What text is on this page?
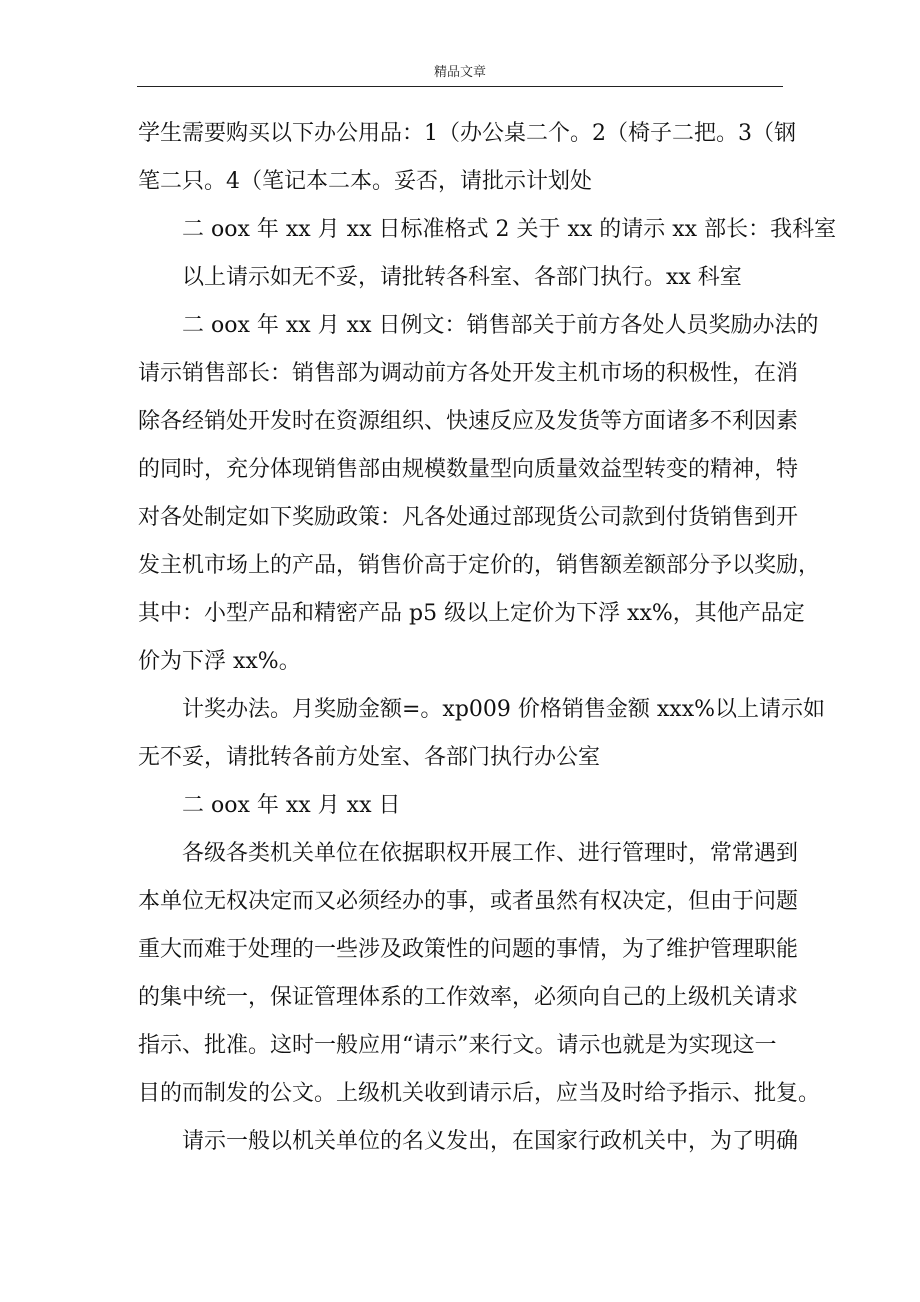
精品文章
学生需要购买以下办公用品：1（办公桌二个。2（椅子二把。3（钢
笔二只。4（笔记本二本。妥否，请批示计划处
二 oox 年 xx 月 xx 日标准格式 2 关于 xx 的请示 xx 部长：我科室
以上请示如无不妥，请批转各科室、各部门执行。xx 科室
二 oox 年 xx 月 xx 日例文：销售部关于前方各处人员奖励办法的
请示销售部长：销售部为调动前方各处开发主机市场的积极性，在消
除各经销处开发时在资源组织、快速反应及发货等方面诸多不利因素
的同时，充分体现销售部由规模数量型向质量效益型转变的精神，特
对各处制定如下奖励政策：凡各处通过部现货公司款到付货销售到开
发主机市场上的产品，销售价高于定价的，销售额差额部分予以奖励，
其中：小型产品和精密产品 p5 级以上定价为下浮 xx%，其他产品定
价为下浮 xx%。
计奖办法。月奖励金额=。xp009 价格销售金额 xxx%以上请示如
无不妥，请批转各前方处室、各部门执行办公室
二 oox 年 xx 月 xx 日
各级各类机关单位在依据职权开展工作、进行管理时，常常遇到
本单位无权决定而又必须经办的事，或者虽然有权决定，但由于问题
重大而难于处理的一些涉及政策性的问题的事情，为了维护管理职能
的集中统一，保证管理体系的工作效率，必须向自己的上级机关请求
指示、批准。这时一般应用“请示”来行文。请示也就是为实现这一
目的而制发的公文。上级机关收到请示后，应当及时给予指示、批复。
请示一般以机关单位的名义发出，在国家行政机关中，为了明确
